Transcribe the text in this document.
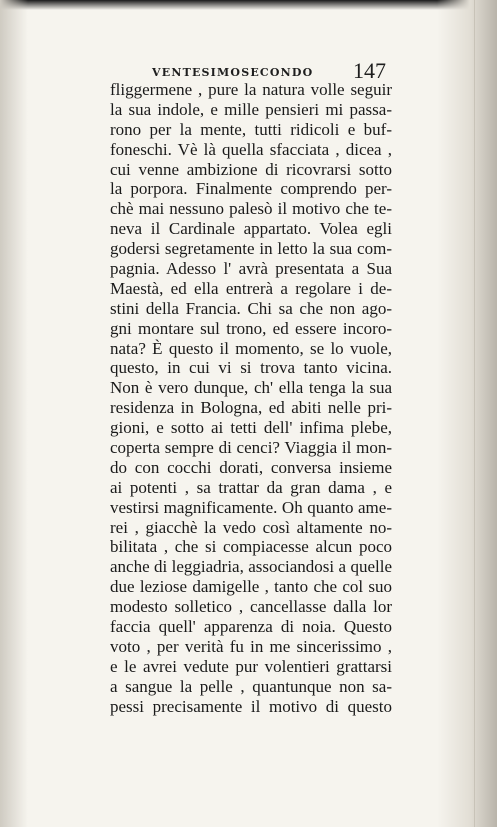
VENTESIMOSECONDO 147
fliggermene , pure la natura volle seguir
la sua indole, e mille pensieri mi passa-
rono per la mente, tutti ridicoli e buf-
foneschi. Vè là quella sfacciata , dicea ,
cui venne ambizione di ricovrarsi sotto
la porpora. Finalmente comprendo per-
chè mai nessuno palesò il motivo che te-
neva il Cardinale appartato. Volea egli
godersi segretamente in letto la sua com-
pagnia. Adesso l' avrà presentata a Sua
Maestà, ed ella entrerà a regolare i de-
stini della Francia. Chi sa che non ago-
gni montare sul trono, ed essere incoro-
nata? È questo il momento, se lo vuole,
questo, in cui vi si trova tanto vicina.
Non è vero dunque, ch' ella tenga la sua
residenza in Bologna, ed abiti nelle pri-
gioni, e sotto ai tetti dell' infima plebe,
coperta sempre di cenci? Viaggia il mon-
do con cocchi dorati, conversa insieme
ai potenti , sa trattar da gran dama , e
vestirsi magnificamente. Oh quanto ame-
rei , giacchè la vedo così altamente no-
bilitata , che si compiacesse alcun poco
anche di leggiadria, associandosi a quelle
due leziose damigelle , tanto che col suo
modesto solletico , cancellasse dalla lor
faccia quell' apparenza di noia. Questo
voto , per verità fu in me sincerissimo ,
e le avrei vedute pur volentieri grattarsi
a sangue la pelle , quantunque non sa-
pessi precisamente il motivo di questo
